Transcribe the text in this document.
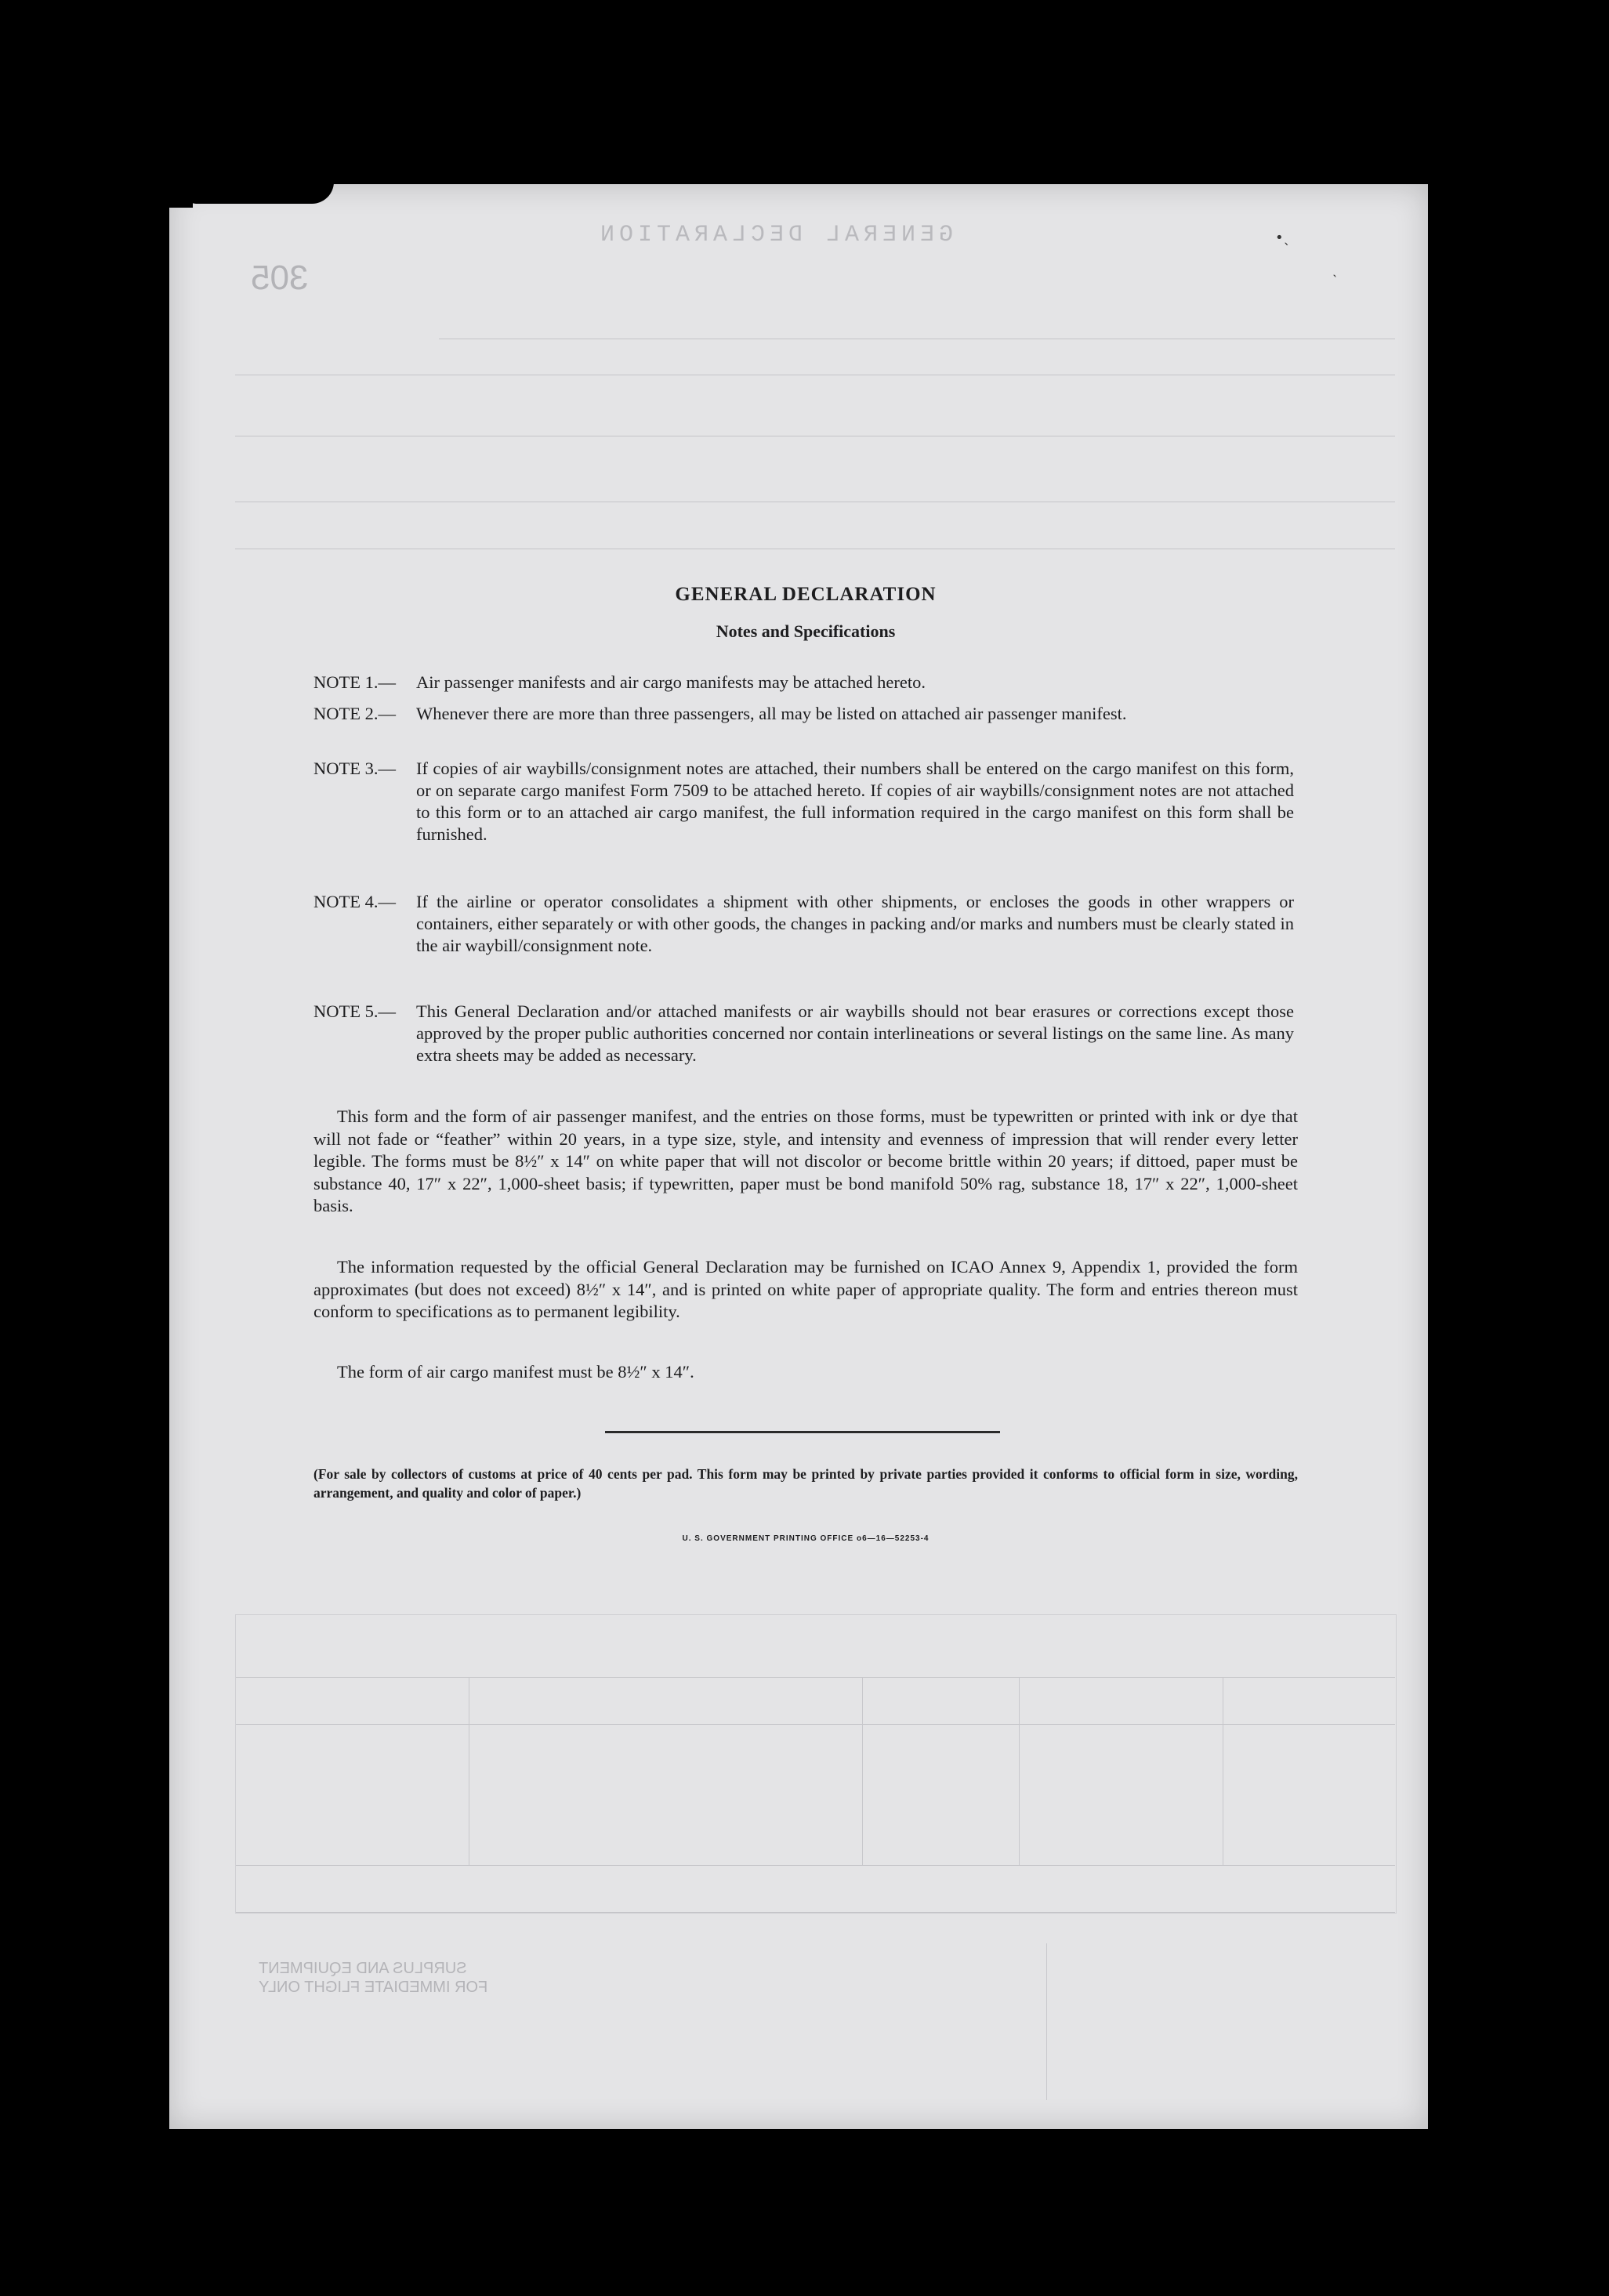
305
GENERAL DECLARATION
SURPLUS AND EQUIPMENT
FOR IMMEDIATE FLIGHT ONLY
•ˎ
˴
GENERAL DECLARATION
Notes and Specifications
NOTE 1.— Air passenger manifests and air cargo manifests may be attached hereto.
NOTE 2.— Whenever there are more than three passengers, all may be listed on attached air passenger manifest.
NOTE 3.— If copies of air waybills/consignment notes are attached, their numbers shall be entered on the cargo manifest on this form, or on separate cargo manifest Form 7509 to be attached hereto. If copies of air waybills/consignment notes are not attached to this form or to an attached air cargo manifest, the full information required in the cargo manifest on this form shall be furnished.
NOTE 4.— If the airline or operator consolidates a shipment with other shipments, or encloses the goods in other wrappers or containers, either separately or with other goods, the changes in packing and/or marks and numbers must be clearly stated in the air waybill/consignment note.
NOTE 5.— This General Declaration and/or attached manifests or air waybills should not bear erasures or corrections except those approved by the proper public authorities concerned nor contain interlineations or several listings on the same line. As many extra sheets may be added as necessary.
This form and the form of air passenger manifest, and the entries on those forms, must be typewritten or printed with ink or dye that will not fade or “feather” within 20 years, in a type size, style, and intensity and evenness of impression that will render every letter legible. The forms must be 8½″ x 14″ on white paper that will not discolor or become brittle within 20 years; if dittoed, paper must be substance 40, 17″ x 22″, 1,000-sheet basis; if typewritten, paper must be bond manifold 50% rag, substance 18, 17″ x 22″, 1,000-sheet basis.
The information requested by the official General Declaration may be furnished on ICAO Annex 9, Appendix 1, provided the form approximates (but does not exceed) 8½″ x 14″, and is printed on white paper of appropriate quality. The form and entries thereon must conform to specifications as to permanent legibility.
The form of air cargo manifest must be 8½″ x 14″.
(For sale by collectors of customs at price of 40 cents per pad. This form may be printed by private parties provided it conforms to official form in size, wording, arrangement, and quality and color of paper.)
U. S. GOVERNMENT PRINTING OFFICE o6—16—52253-4
